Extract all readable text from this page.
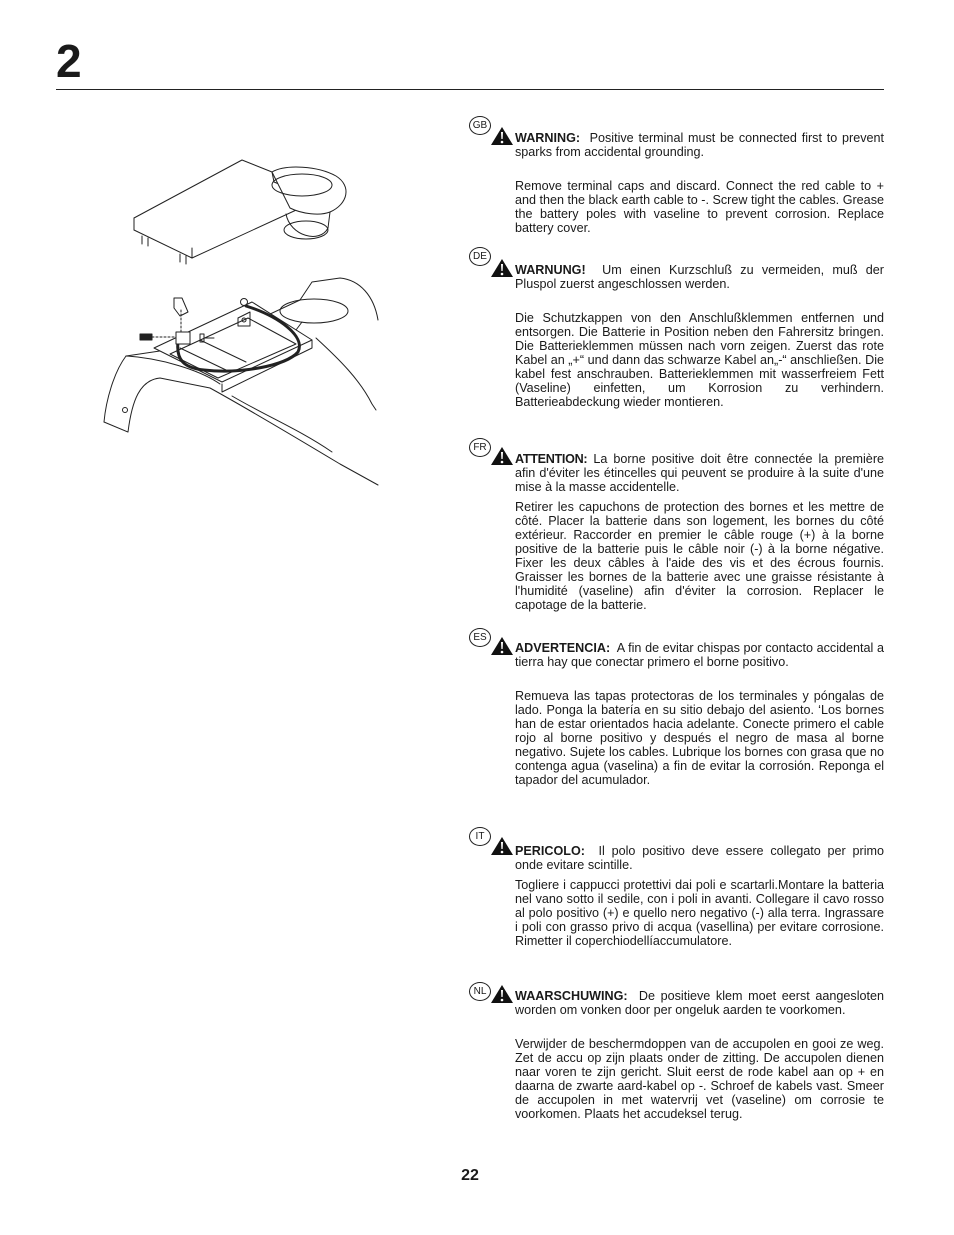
2
GB

WARNING: Positive terminal must be connected first to prevent sparks from accidental grounding.

Remove terminal caps and discard. Connect the red cable to + and then the black earth cable to -. Screw tight the cables. Grease the battery poles with vaseline to prevent corrosion. Replace battery cover.

DE

WARNUNG! Um einen Kurzschluß zu vermeiden, muß der Pluspol zuerst angeschlossen werden.

Die Schutzkappen von den Anschlußklemmen entfernen und entsorgen. Die Batterie in Position neben den Fahrersitz bringen. Die Batterieklemmen müssen nach vorn zeigen. Zuerst das rote Kabel an „+“ und dann das schwarze Kabel an„-“ anschließen. Die kabel fest anschrauben. Batterieklemmen mit wasserfreiem Fett (Vaseline) einfetten, um Korrosion zu verhindern. Batterieabdeckung wieder montieren.

FR

ATTENTION: La borne positive doit être connectée la première afin d'éviter les étincelles qui peuvent se produire à la suite d'une mise à la masse accidentelle.

Retirer les capuchons de protection des bornes et les mettre de côté. Placer la batterie dans son logement, les bornes du côté extérieur. Raccorder en premier le câble rouge (+) à la borne positive de la batterie puis le câble noir (-) à la borne négative. Fixer les deux câbles à l'aide des vis et des écrous fournis. Graisser les bornes de la batterie avec une graisse résistante à l'humidité (vaseline) afin d'éviter la corrosion. Replacer le capotage de la batterie.

ES

ADVERTENCIA: A fin de evitar chispas por contacto accidental a tierra hay que conectar primero el borne positivo.

Remueva las tapas protectoras de los terminales y póngalas de lado. Ponga la batería en su sitio debajo del asiento. ‘Los bornes han de estar orientados hacia adelante. Conecte primero el cable rojo al borne positivo y después el negro de masa al borne negativo. Sujete los cables. Lubrique los bornes con grasa que no contenga agua (vaselina) a fin de evitar la corrosión. Reponga el tapador del acumulador.

IT

PERICOLO: Il polo positivo deve essere collegato per primo onde evitare scintille.

Togliere i cappucci protettivi dai poli e scartarli.Montare la batteria nel vano sotto il sedile, con i poli in avanti. Collegare il cavo rosso al polo positivo (+) e quello nero negativo (-) alla terra. Ingrassare i poli con grasso privo di acqua (vasellina) per evitare corrosione. Rimetter il coperchiodellíaccumulatore.

NL	WAARSCHUWING: De positieve klem moet eerst aangesloten worden om vonken door per ongeluk aarden te voorkomen.

Verwijder de beschermdoppen van de accupolen en gooi ze weg. Zet de accu op zijn plaats onder de zitting. De accupolen dienen naar voren te zijn gericht. Sluit eerst de rode kabel aan op + en daarna de zwarte aard-kabel op -. Schroef de kabels vast. Smeer de accupolen in met watervrij vet (vaseline) om corrosie te voorkomen. Plaats het accudeksel terug.

22
